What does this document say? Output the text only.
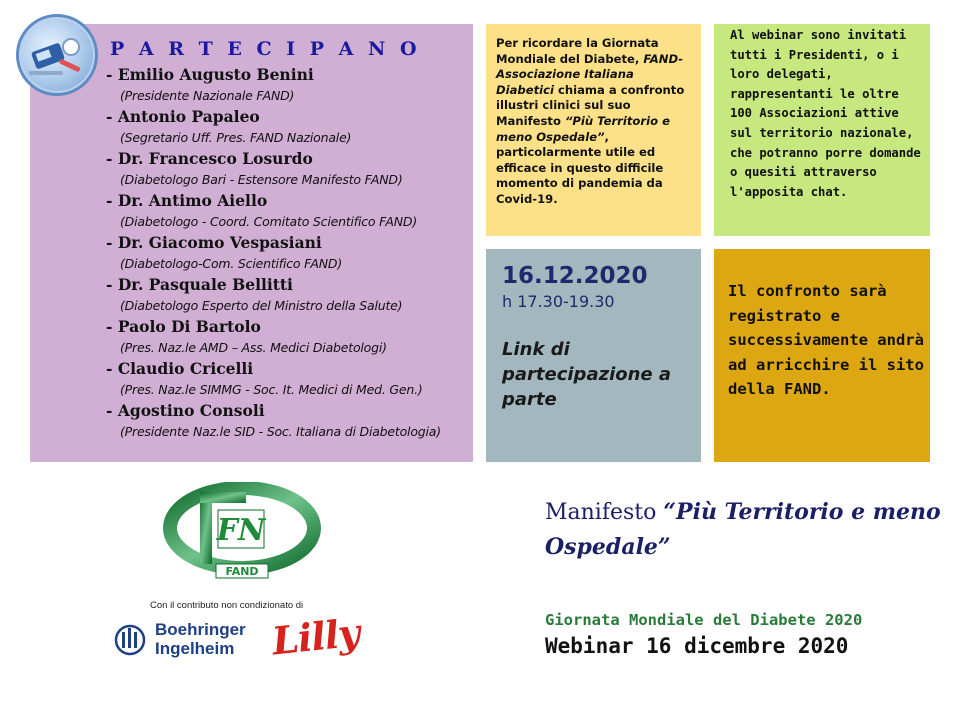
P A R T E C I P A N O
- Emilio Augusto Benini
(Presidente Nazionale FAND)
- Antonio Papaleo
(Segretario Uff. Pres. FAND Nazionale)
- Dr. Francesco Losurdo
(Diabetologo Bari - Estensore Manifesto FAND)
- Dr. Antimo Aiello
(Diabetologo - Coord. Comitato Scientifico FAND)
- Dr. Giacomo Vespasiani
(Diabetologo-Com. Scientifico FAND)
- Dr. Pasquale Bellitti
(Diabetologo Esperto del Ministro della Salute)
- Paolo Di Bartolo
(Pres. Naz.le AMD – Ass. Medici Diabetologi)
- Claudio Cricelli
(Pres. Naz.le SIMMG - Soc. It. Medici di Med. Gen.)
- Agostino Consoli
(Presidente Naz.le SID - Soc. Italiana di Diabetologia)
Per ricordare la Giornata Mondiale del Diabete, FAND-Associazione Italiana Diabetici chiama a confronto illustri clinici sul suo Manifesto “Più Territorio e meno Ospedale”, particolarmente utile ed efficace in questo difficile momento di pandemia da Covid-19.
Al webinar sono invitati tutti i Presidenti, o i loro delegati, rappresentanti le oltre 100 Associazioni attive sul territorio nazionale, che potranno porre domande o quesiti attraverso l'apposita chat.
16.12.2020
h 17.30-19.30
Link di partecipazione a parte
Il confronto sarà registrato e successivamente andrà ad arricchire il sito della FAND.
Manifesto “Più Territorio e meno Ospedale”
Giornata Mondiale del Diabete 2020
Webinar 16 dicembre 2020
FN
FAND
Con il contributo non condizionato di
Boehringer
Ingelheim Lilly
